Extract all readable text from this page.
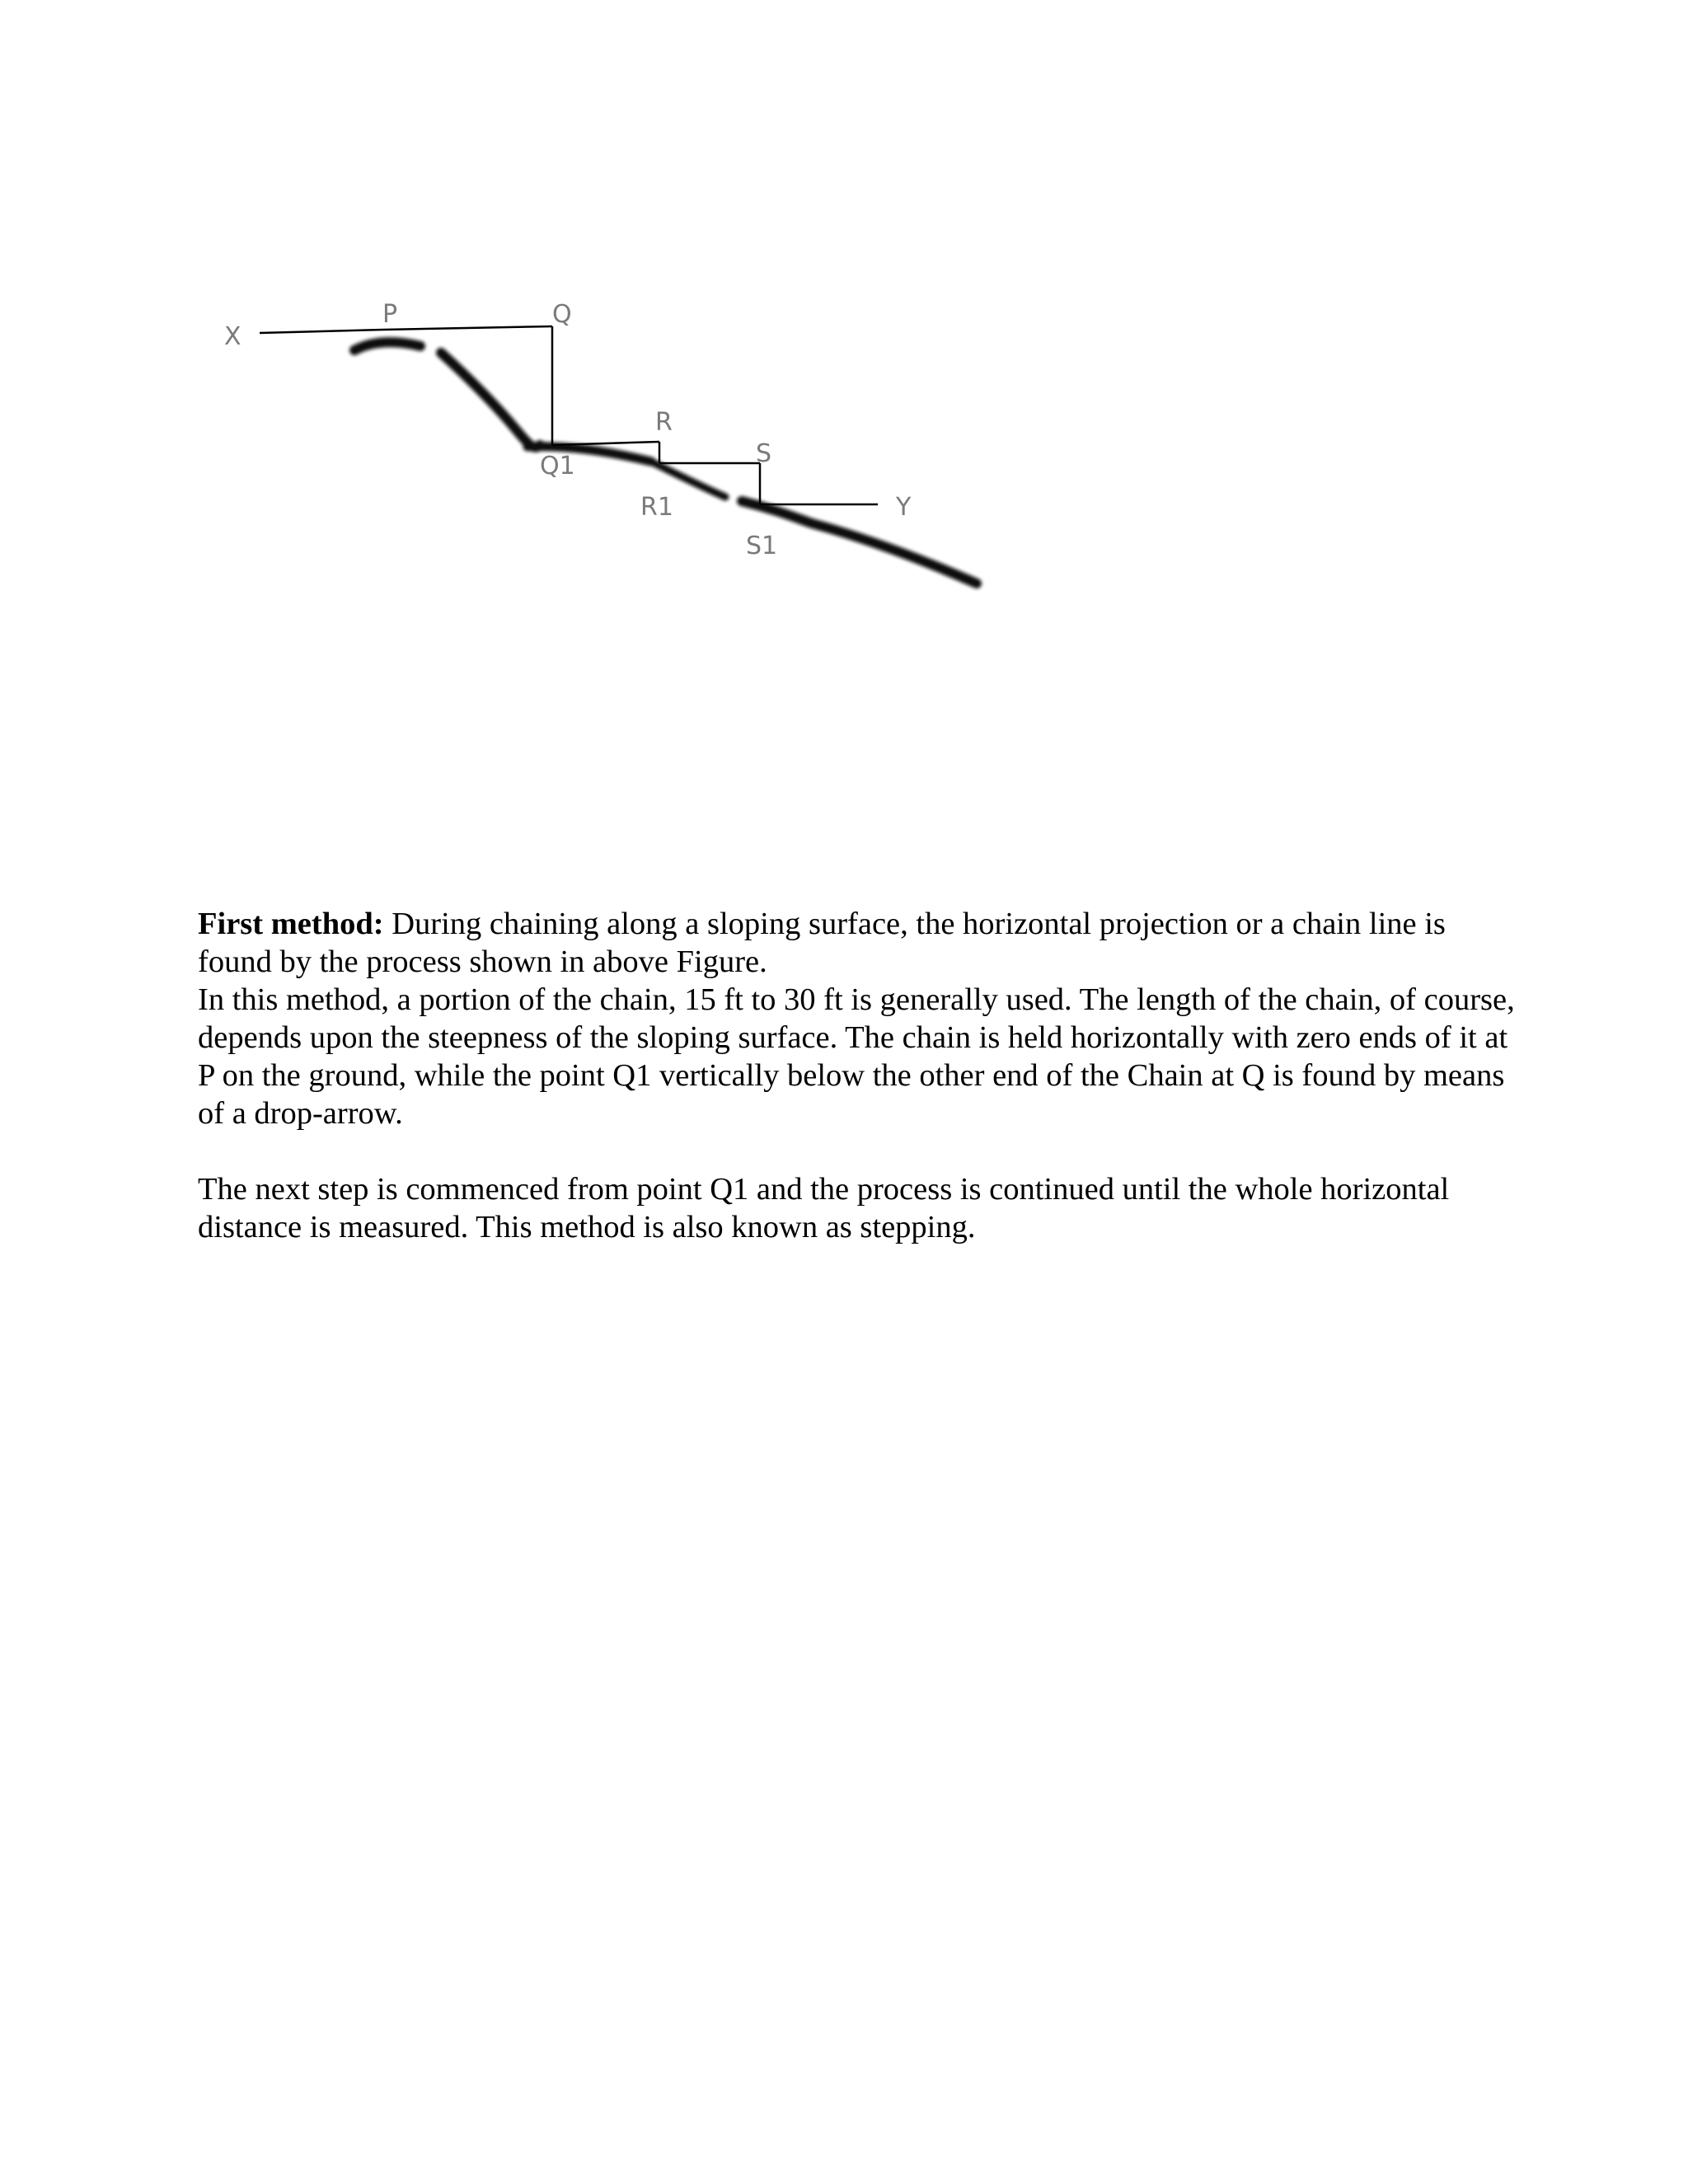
X
P	Q
Q1
R
R1
S
S1
Y

First method: During chaining along a sloping surface, the horizontal projection or a chain line is found by the process shown in above Figure.

In this method, a portion of the chain, 15 ft to 30 ft is generally used. The length of the chain, of course, depends upon the steepness of the sloping surface. The chain is held horizontally with zero ends of it at P on the ground, while the point Q1 vertically below the other end of the Chain at Q is found by means of a drop-arrow.

The next step is commenced from point Q1 and the process is continued until the whole horizontal distance is measured. This method is also known as stepping.
